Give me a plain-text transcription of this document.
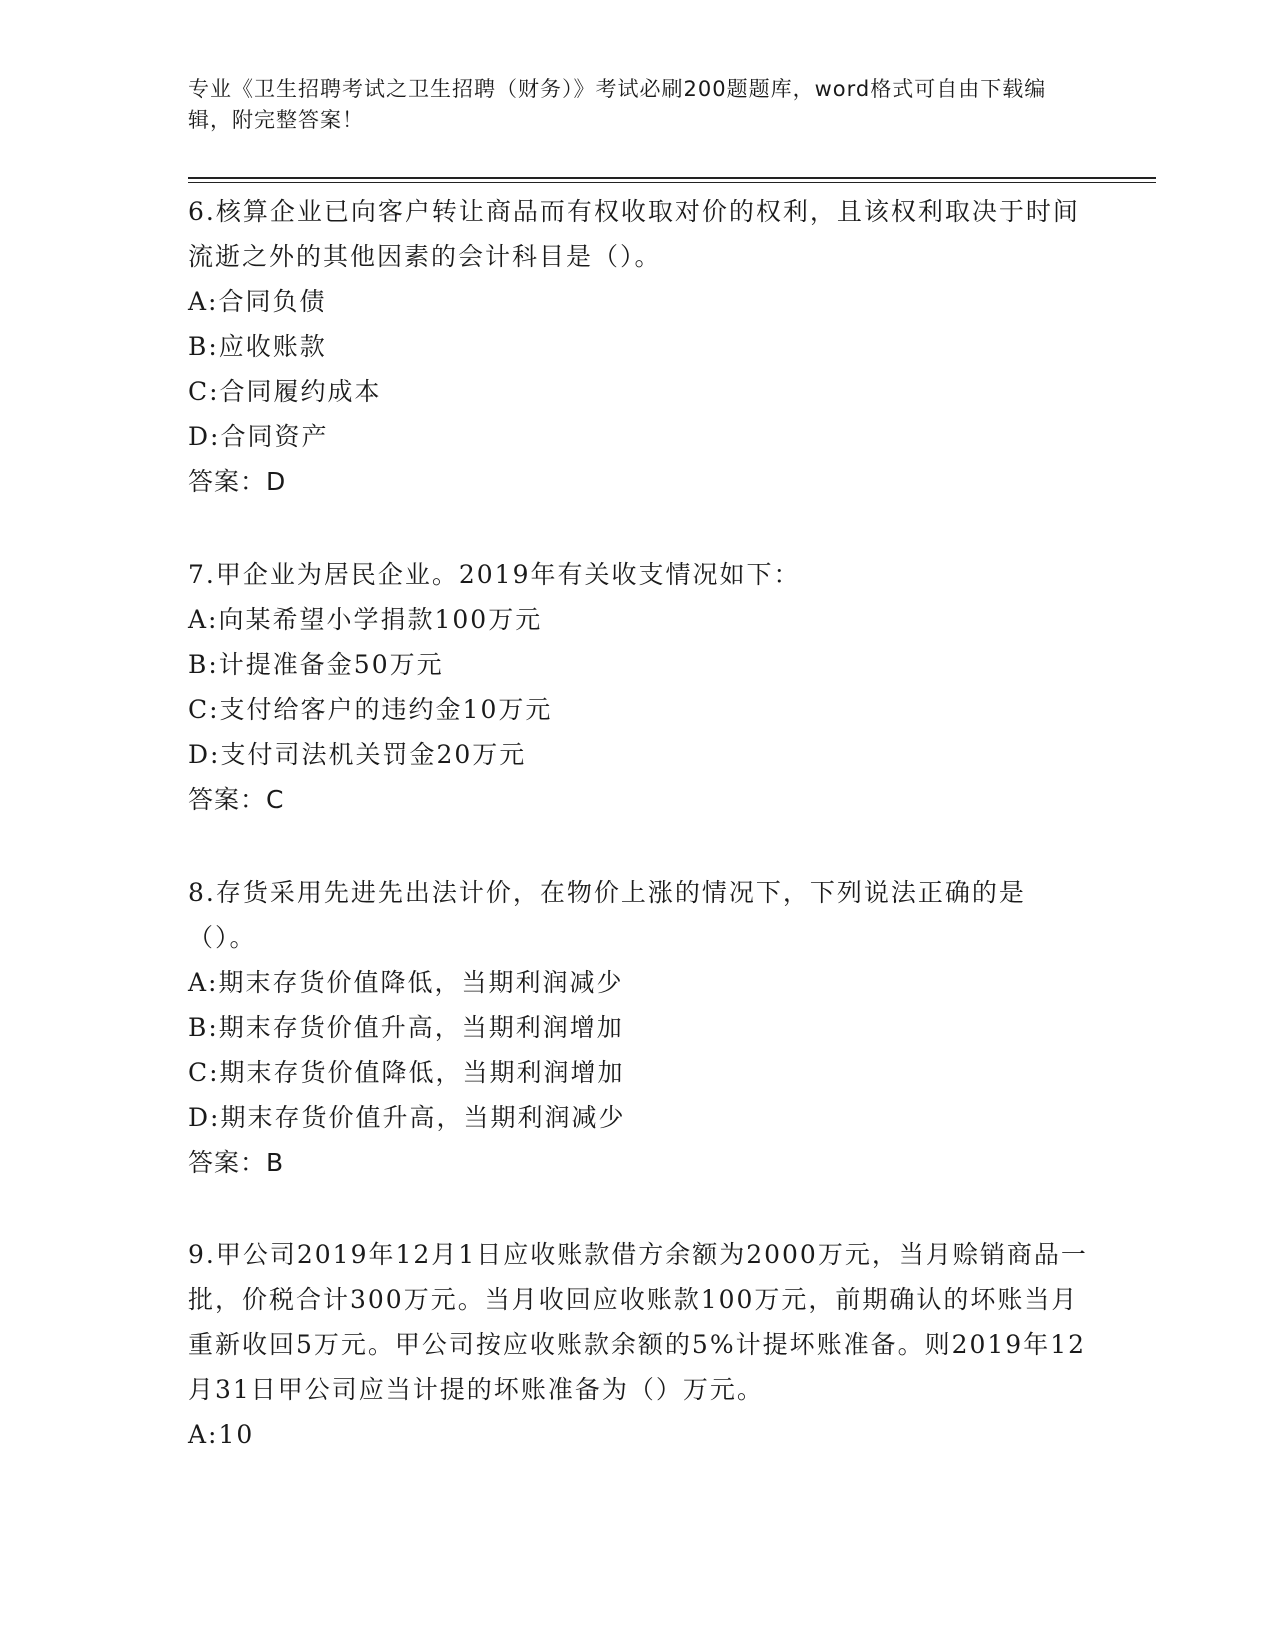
专业《卫生招聘考试之卫生招聘（财务）》考试必刷200题题库，word格式可自由下载编辑，附完整答案！

6.核算企业已向客户转让商品而有权收取对价的权利，且该权利取决于时间流逝之外的其他因素的会计科目是（）。

A:合同负债

B:应收账款

C:合同履约成本

D:合同资产

答案：D

7.甲企业为居民企业。2019年有关收支情况如下：

A:向某希望小学捐款100万元

B:计提准备金50万元

C:支付给客户的违约金10万元

D:支付司法机关罚金20万元

答案：C

8.存货采用先进先出法计价，在物价上涨的情况下，下列说法正确的是（）。

A:期末存货价值降低，当期利润减少

B:期末存货价值升高，当期利润增加

C:期末存货价值降低，当期利润增加

D:期末存货价值升高，当期利润减少

答案：B

9.甲公司2019年12月1日应收账款借方余额为2000万元，当月赊销商品一批，价税合计300万元。当月收回应收账款100万元，前期确认的坏账当月重新收回5万元。甲公司按应收账款余额的5%计提坏账准备。则2019年12月31日甲公司应当计提的坏账准备为（）万元。

A:10
